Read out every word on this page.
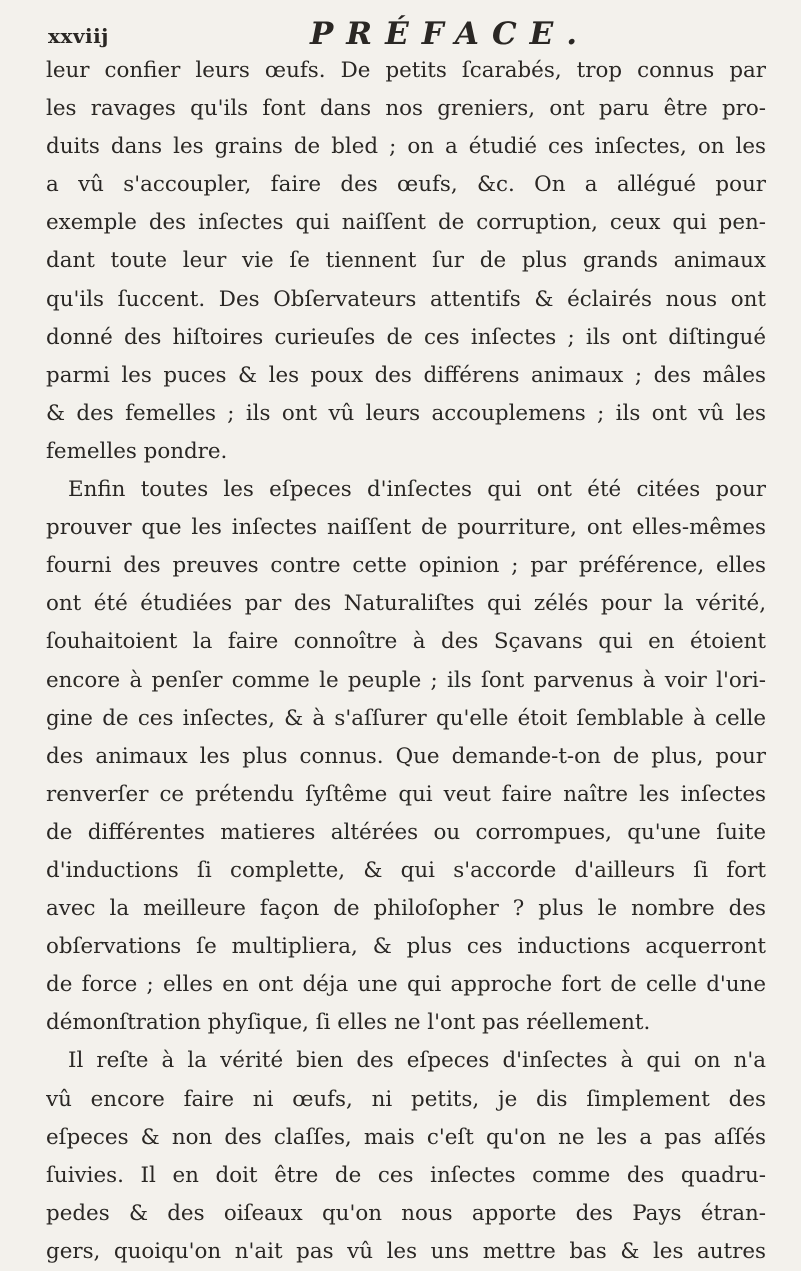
xxviij	PRÉFACE.
leur confier leurs œufs. De petits ſcarabés, trop connus par
les ravages qu'ils font dans nos greniers, ont paru être pro-
duits dans les grains de bled ; on a étudié ces inſectes, on les
a vû s'accoupler, faire des œufs, &c. On a allégué pour
exemple des inſectes qui naiſſent de corruption, ceux qui pen-
dant toute leur vie ſe tiennent ſur de plus grands animaux
qu'ils ſuccent. Des Obſervateurs attentifs & éclairés nous ont
donné des hiſtoires curieuſes de ces inſectes ; ils ont diſtingué
parmi les puces & les poux des différens animaux ; des mâles
& des femelles ; ils ont vû leurs accouplemens ; ils ont vû les
femelles pondre.
Enfin toutes les eſpeces d'inſectes qui ont été citées pour
prouver que les inſectes naiſſent de pourriture, ont elles-mêmes
fourni des preuves contre cette opinion ; par préférence, elles
ont été étudiées par des Naturaliſtes qui zélés pour la vérité,
ſouhaitoient la faire connoître à des Sçavans qui en étoient
encore à penſer comme le peuple ; ils ſont parvenus à voir l'ori-
gine de ces inſectes, & à s'aſſurer qu'elle étoit ſemblable à celle
des animaux les plus connus. Que demande-t-on de plus, pour
renverſer ce prétendu ſyſtême qui veut faire naître les inſectes
de différentes matieres altérées ou corrompues, qu'une ſuite
d'inductions ſi complette, & qui s'accorde d'ailleurs ſi fort
avec la meilleure façon de philoſopher ? plus le nombre des
obſervations ſe multipliera, & plus ces inductions acquerront
de force ; elles en ont déja une qui approche fort de celle d'une
démonſtration phyſique, ſi elles ne l'ont pas réellement.
Il reſte à la vérité bien des eſpeces d'inſectes à qui on n'a
vû encore faire ni œufs, ni petits, je dis ſimplement des
eſpeces & non des claſſes, mais c'eſt qu'on ne les a pas aſſés
ſuivies. Il en doit être de ces inſectes comme des quadru-
pedes & des oiſeaux qu'on nous apporte des Pays étran-
gers, quoiqu'on n'ait pas vû les uns mettre bas & les autres
